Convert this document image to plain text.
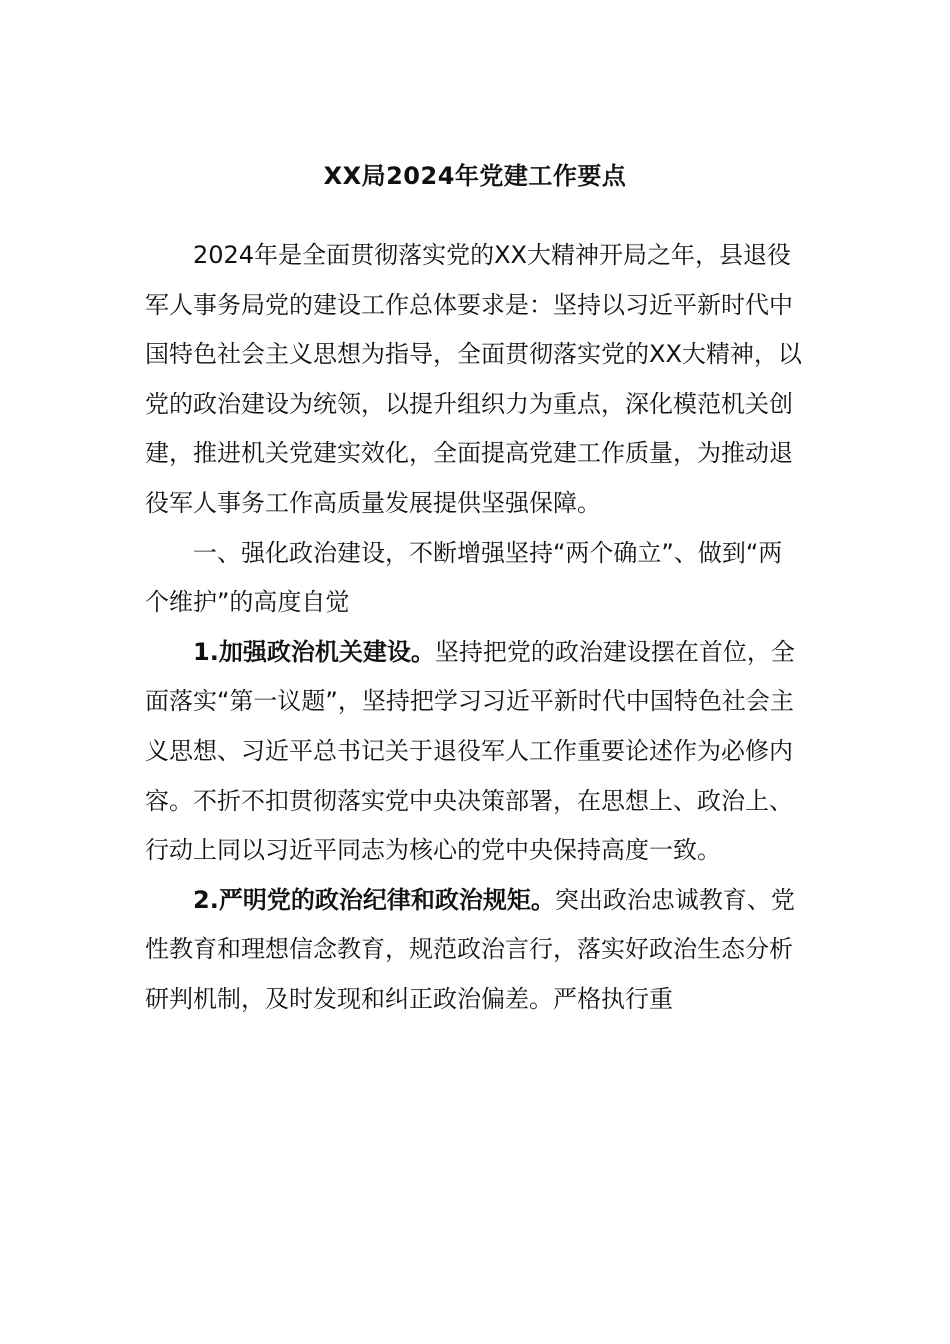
XX局2024年党建工作要点

2024年是全面贯彻落实党的XX大精神开局之年，县退役军人事务局党的建设工作总体要求是：坚持以习近平新时代中国特色社会主义思想为指导，全面贯彻落实党的XX大精神，以党的政治建设为统领，以提升组织力为重点，深化模范机关创建，推进机关党建实效化，全面提高党建工作质量，为推动退役军人事务工作高质量发展提供坚强保障。

一、强化政治建设，不断增强坚持“两个确立”、做到“两个维护”的高度自觉

1.加强政治机关建设。坚持把党的政治建设摆在首位，全面落实“第一议题”，坚持把学习习近平新时代中国特色社会主义思想、习近平总书记关于退役军人工作重要论述作为必修内容。不折不扣贯彻落实党中央决策部署，在思想上、政治上、行动上同以习近平同志为核心的党中央保持高度一致。

2.严明党的政治纪律和政治规矩。突出政治忠诚教育、党性教育和理想信念教育，规范政治言行，落实好政治生态分析研判机制，及时发现和纠正政治偏差。严格执行重
